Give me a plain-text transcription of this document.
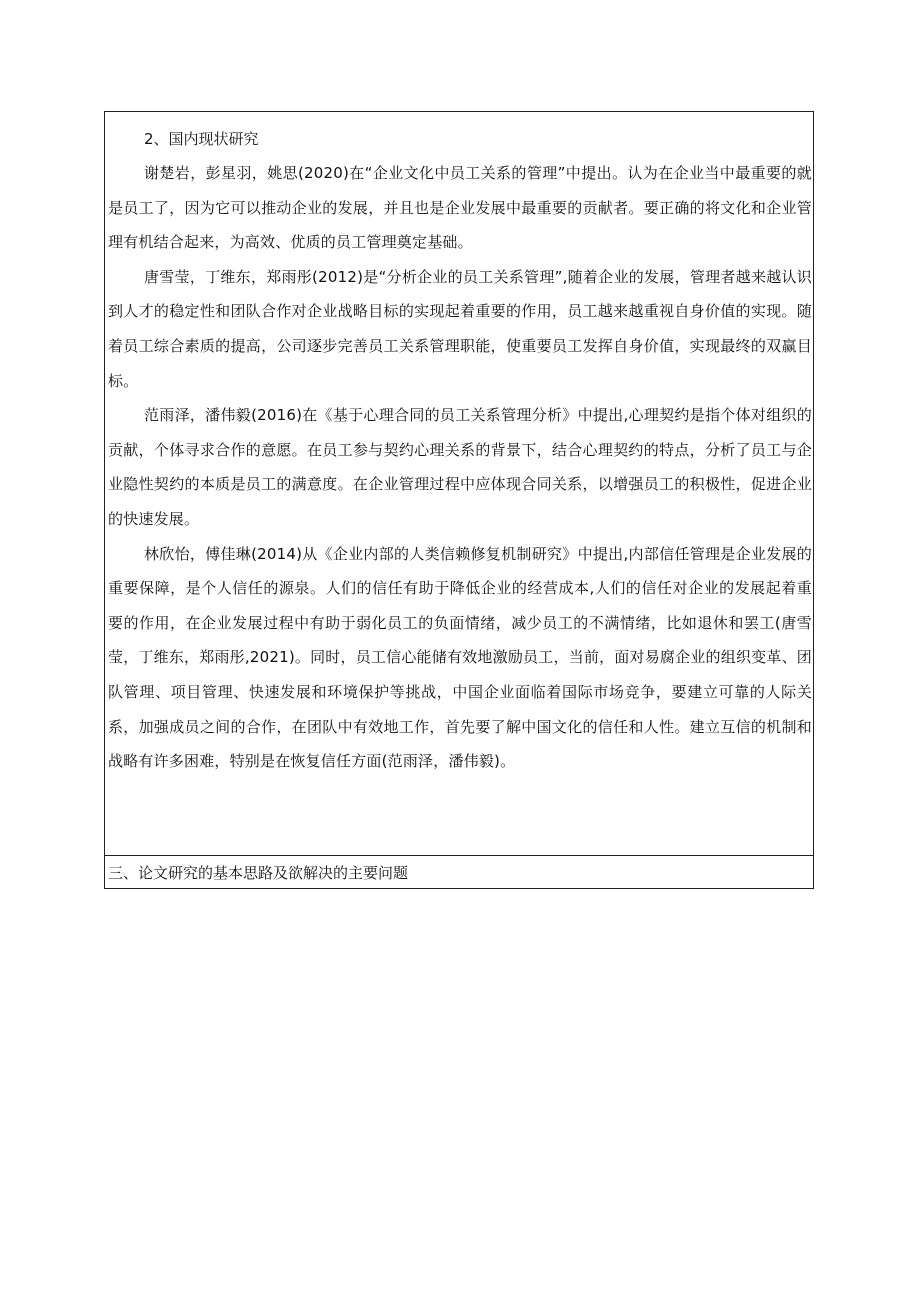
2、国内现状研究

谢楚岩，彭星羽，姚思(2020)在“企业文化中员工关系的管理”中提出。认为在企业当中最重要的就是员工了，因为它可以推动企业的发展，并且也是企业发展中最重要的贡献者。要正确的将文化和企业管理有机结合起来，为高效、优质的员工管理奠定基础。

唐雪莹，丁维东，郑雨彤(2012)是“分析企业的员工关系管理”,随着企业的发展，管理者越来越认识到人才的稳定性和团队合作对企业战略目标的实现起着重要的作用，员工越来越重视自身价值的实现。随着员工综合素质的提高，公司逐步完善员工关系管理职能，使重要员工发挥自身价值，实现最终的双赢目标。

范雨泽，潘伟毅(2016)在《基于心理合同的员工关系管理分析》中提出,心理契约是指个体对组织的贡献，个体寻求合作的意愿。在员工参与契约心理关系的背景下，结合心理契约的特点，分析了员工与企业隐性契约的本质是员工的满意度。在企业管理过程中应体现合同关系，以增强员工的积极性，促进企业的快速发展。

林欣怡，傅佳琳(2014)从《企业内部的人类信赖修复机制研究》中提出,内部信任管理是企业发展的重要保障，是个人信任的源泉。人们的信任有助于降低企业的经营成本,人们的信任对企业的发展起着重要的作用，在企业发展过程中有助于弱化员工的负面情绪，减少员工的不满情绪，比如退休和罢工(唐雪莹，丁维东，郑雨彤,2021)。同时，员工信心能储有效地激励员工，当前，面对易腐企业的组织变革、团队管理、项目管理、快速发展和环境保护等挑战，中国企业面临着国际市场竞争，要建立可靠的人际关系，加强成员之间的合作，在团队中有效地工作，首先要了解中国文化的信任和人性。建立互信的机制和战略有许多困难，特别是在恢复信任方面(范雨泽，潘伟毅)。

三、论文研究的基本思路及欲解决的主要问题
